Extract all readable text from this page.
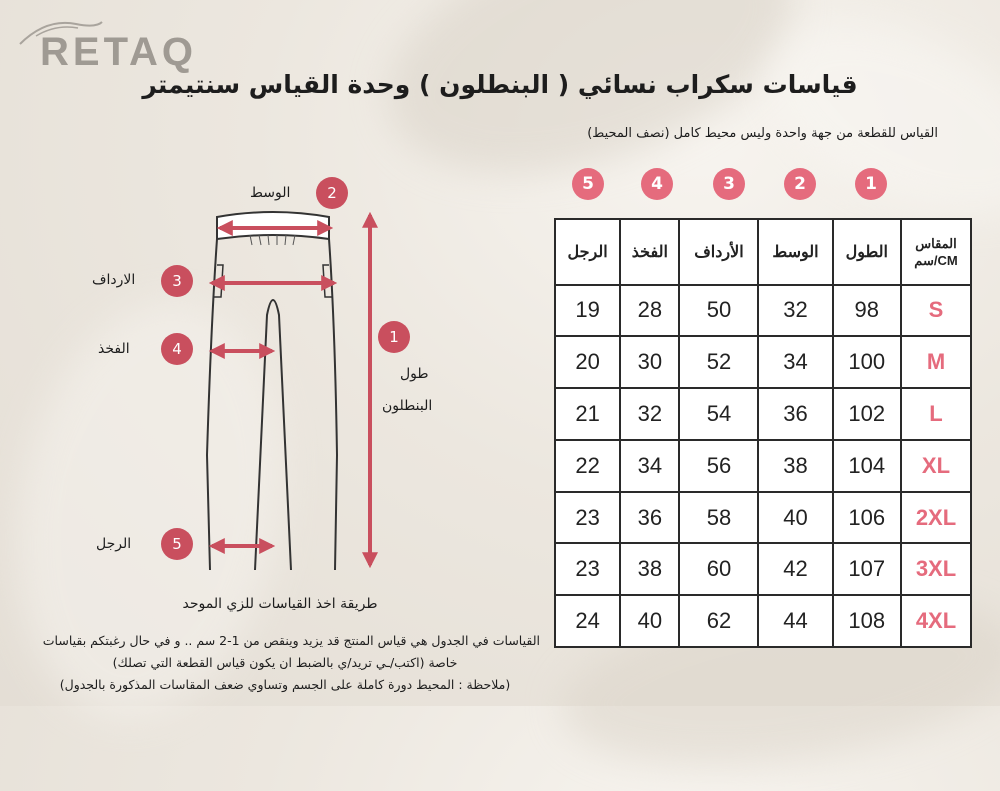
RETAQ
قياسات سكراب نسائي ( البنطلون ) وحدة القياس سنتيمتر
القياس للقطعة من جهة واحدة وليس محيط كامل (نصف المحيط)
5	4	3	2	1
2
3
4
5
1
الوسط
الارداف
الفخذ
الرجل
طول
البنطلون
الرجل	الفخذ	الأرداف	الوسط	الطول	المقاس
CM/سم

19	28	50	32	98	S
20	30	52	34	100	M
21	32	54	36	102	L
22	34	56	38	104	XL
23	36	58	40	106	2XL
23	38	60	42	107	3XL
24	40	62	44	108	4XL
طريقة اخذ القياسات للزي الموحد
القياسات في الجدول هي قياس المنتج قد يزيد وينقص من 1-2 سم .. و في حال رغبتكم بقياسات
خاصة (اكتب/ـي تريد/ي بالضبط ان يكون قياس القطعة التي تصلك)
(ملاحظة : المحيط دورة كاملة على الجسم وتساوي ضعف المقاسات المذكورة بالجدول)
